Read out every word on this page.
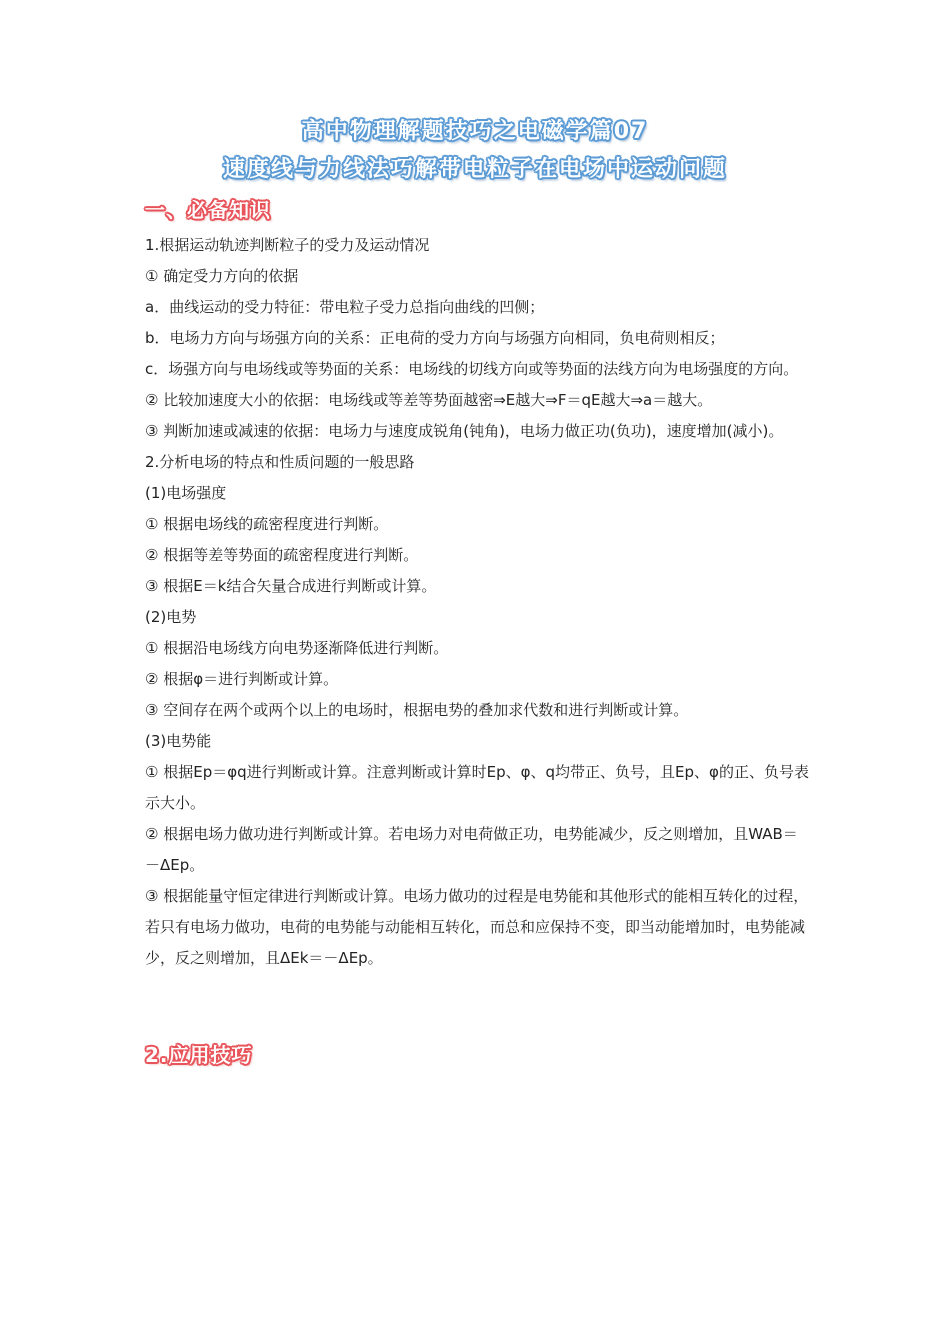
高中物理解题技巧之电磁学篇07
速度线与力线法巧解带电粒子在电场中运动问题
一、必备知识

1.根据运动轨迹判断粒子的受力及运动情况

① 确定受力方向的依据

a．曲线运动的受力特征：带电粒子受力总指向曲线的凹侧；

b．电场力方向与场强方向的关系：正电荷的受力方向与场强方向相同，负电荷则相反；

c．场强方向与电场线或等势面的关系：电场线的切线方向或等势面的法线方向为电场强度的方向。

② 比较加速度大小的依据：电场线或等差等势面越密⇒E越大⇒F＝qE越大⇒a＝越大。

③ 判断加速或减速的依据：电场力与速度成锐角(钝角)，电场力做正功(负功)，速度增加(减小)。

2.分析电场的特点和性质问题的一般思路

(1)电场强度

① 根据电场线的疏密程度进行判断。

② 根据等差等势面的疏密程度进行判断。

③ 根据E＝k结合矢量合成进行判断或计算。

(2)电势

① 根据沿电场线方向电势逐渐降低进行判断。

② 根据φ＝进行判断或计算。

③ 空间存在两个或两个以上的电场时，根据电势的叠加求代数和进行判断或计算。

(3)电势能

① 根据Ep＝φq进行判断或计算。注意判断或计算时Ep、φ、q均带正、负号，且Ep、φ的正、负号表示大小。

② 根据电场力做功进行判断或计算。若电场力对电荷做正功，电势能减少，反之则增加，且WAB＝－ΔEp。

③ 根据能量守恒定律进行判断或计算。电场力做功的过程是电势能和其他形式的能相互转化的过程，若只有电场力做功，电荷的电势能与动能相互转化，而总和应保持不变，即当动能增加时，电势能减少，反之则增加，且ΔEk＝－ΔEp。

2.应用技巧
